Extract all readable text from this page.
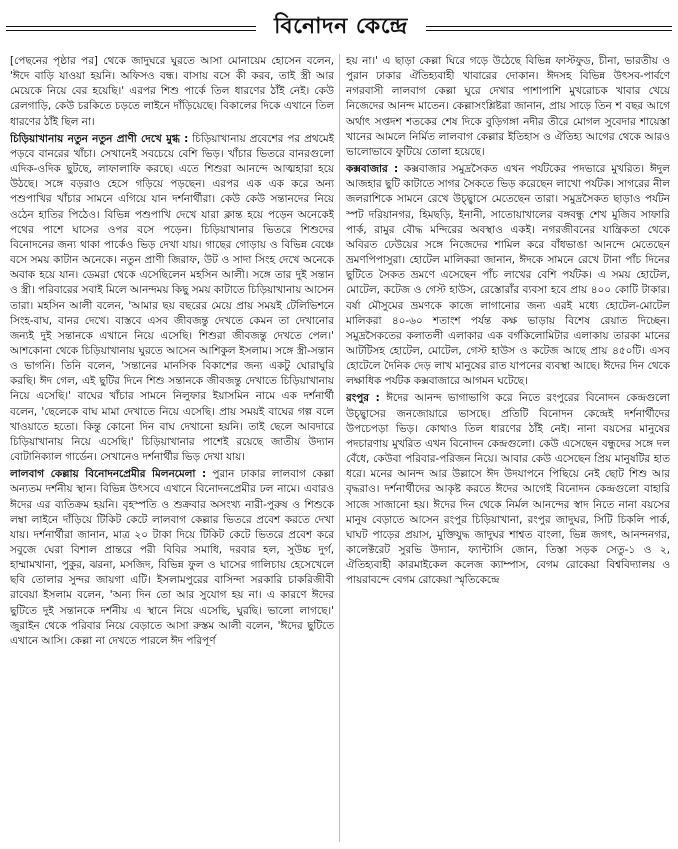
বিনোদন কেন্দ্রে

[পেছনের পৃষ্ঠার পর] থেকে জাদুঘরে ঘুরতে আসা মোনায়েম হোসেন বলেন, 'ঈদে বাড়ি যাওয়া হয়নি। অফিসও বন্ধ। বাসায় বসে কী করব, তাই স্ত্রী আর মেয়েকে নিয়ে বের হয়েছি।' এরপর শিশু পার্কে তিল ধারণের ঠাঁই নেই। কেউ রেলগাড়ি, কেউ চরকিতে চড়তে লাইনে দাঁড়িয়েছে। বিকালের দিকে এখানে তিল ধারণের ঠাঁই ছিল না।

চিড়িয়াখানায় নতুন নতুন প্রাণী দেখে মুগ্ধ : চিড়িয়াখানায় প্রবেশের পর প্রথমেই পড়বে বানরের খাঁচা। সেখানেই সবচেয়ে বেশি ভিড়। খাঁচার ভিতরে বানরগুলো এদিক-ওদিক ছুটছে, লাফালাফি করছে। এতে শিশুরা আনন্দে আত্মহারা হয়ে উঠছে। সঙ্গে বড়রাও হেসে গড়িয়ে পড়ছেন। এরপর এক এক করে অন্য পশুপাখির খাঁচার সামনে এগিয়ে যান দর্শনার্থীরা। কেউ কেউ সন্তানদের নিয়ে ওঠেন হাতির পিঠেও। বিভিন্ন পশুপাখি দেখে যারা ক্লান্ত হয়ে পড়েন অনেকেই পথের পাশে ঘাসের ওপর বসে পড়েন। চিড়িয়াখানার ভিতরে শিশুদের বিনোদনের জন্য থাকা পার্কেও ভিড় দেখা যায়। গাছের গোড়ায় ও বিভিন্ন বেঞ্চে বসে সময় কাটান অনেকে। নতুন প্রাণী জিরাফ, উট ও সাদা সিংহ দেখে অনেকে অবাক হয়ে যান। ডেমরা থেকে এসেছিলেন মহসিন আলী। সঙ্গে তার দুই সন্তান ও স্ত্রী। পরিবারের সবাই মিলে আনন্দময় কিছু সময় কাটাতে চিড়িয়াখানায় আসেন তারা। মহসিন আলী বলেন, 'আমার ছয় বছরের মেয়ে প্রায় সময়ই টেলিভিশনে সিংহ-বাঘ, বানর দেখে। বাস্তবে এসব জীবজন্তু দেখতে কেমন তা দেখানোর জন্যই দুই সন্তানকে এখানে নিয়ে এসেছি। শিশুরা জীবজন্তু দেখতে পেল।' আশকোনা থেকে চিড়িয়াখানায় ঘুরতে আসেন আশিকুল ইসলাম। সঙ্গে স্ত্রী-সন্তান ও ভাগনি। তিনি বলেন, 'সন্তানের মানসিক বিকাশের জন্য একটু ঘোরাঘুরি করছি। ঈদ গেল, এই ছুটির দিনে শিশু সন্তানকে জীবজন্তু দেখাতে চিড়িয়াখানায় নিয়ে এসেছি।' বাঘের খাঁচার সামনে নিলুফার ইয়াসমিন নামে এক দর্শনার্থী বলেন, 'ছেলেকে বাঘ মামা দেখাতে নিয়ে এসেছি। প্রায় সময়ই বাঘের গল্প বলে খাওয়াতে হতো। কিন্তু কোনো দিন বাঘ দেখানো হয়নি। তাই ছেলে আবদারে চিড়িয়াখানায় নিয়ে এসেছি।' চিড়িয়াখানার পাশেই রয়েছে জাতীয় উদ্যান বোটানিক্যাল গার্ডেন। সেখানেও দর্শনার্থীর ভিড় দেখা যায়।

লালবাগ কেল্লায় বিনোদনপ্রেমীর মিলনমেলা : পুরান ঢাকার লালবাগ কেল্লা অন্যতম দর্শনীয় স্থান। বিভিন্ন উৎসবে এখানে বিনোদনপ্রেমীর ঢল নামে। এবারও ঈদের এর ব্যতিক্রম হয়নি। বৃহস্পতি ও শুক্রবার অসংখ্য নারী-পুরুষ ও শিশুকে লম্বা লাইনে দাঁড়িয়ে টিকিট কেটে লালবাগ কেল্লার ভিতরে প্রবেশ করতে দেখা যায়। দর্শনার্থীরা জানান, মাত্র ২০ টাকা দিয়ে টিকিট কেটে ভিতরে প্রবেশ করে সবুজে ঘেরা বিশাল প্রান্তরে পরী বিবির সমাধি, দরবার হল, সুউচ্চ দুর্গ, হাম্মামখানা, পুকুর, ঝরনা, মসজিদ, বিভিন্ন ফুল ও ঘাসের গালিচায় হেসেখেলে ছবি তোলার সুন্দর জায়গা এটি। ইসলামপুরের বাসিন্দা সরকারি চাকরিজীবী রাবেয়া ইসলাম বলেন, 'অন্য দিন তো আর সুযোগ হয় না। এ কারণে ঈদের ছুটিতে দুই সন্তানকে দর্শনীয় এ স্থানে নিয়ে এসেছি, ঘুরছি। ভালো লাগছে।' জুরাইন থেকে পরিবার নিয়ে বেড়াতে আসা রুস্তম আলী বলেন, 'ঈদের ছুটিতে এখানে আসি। কেল্লা না দেখতে পারলে ঈদ পরিপূর্ণ

হয় না।' এ ছাড়া কেল্লা ঘিরে গড়ে উঠেছে বিভিন্ন ফাস্টফুড, চীনা, ভারতীয় ও পুরান ঢাকার ঐতিহ্যবাহী খাবারের দোকান। ঈদসহ বিভিন্ন উৎসব-পার্বণে নগরবাসী লালবাগ কেল্লা ঘুরে দেখার পাশাপাশি মুখরোচক খাবার খেয়ে নিজেদের আনন্দ মাতেন। কেল্লাসংশ্লিষ্টরা জানান, প্রায় সাড়ে তিন শ বছর আগে অর্থাৎ সপ্তদশ শতকের শেষ দিকে বুড়িগঙ্গা নদীর তীরে মোগল সুবেদার শায়েস্তা খানের আমলে নির্মিত লালবাগ কেল্লার ইতিহাস ও ঐতিহ্য আগের থেকে আরও ভালোভাবে ফুটিয়ে তোলা হয়েছে।

কক্সবাজার : কক্সবাজার সমুদ্রসৈকত এখন পর্যটকের পদভারে মুখরিত। ঈদুল আজহার ছুটি কাটাতে সাগর সৈকতে ভিড় করেছেন লাখো পর্যটক। সাগরের নীল জলরাশিকে সামনে রেখে উচ্ছ্বাসে মেতেছেন তারা। সমুদ্রসৈকত ছাড়াও পর্যটন স্পট দরিয়ানগর, হিমছড়ি, ইনানী, সাতোয়াখালের বঙ্গবন্ধু শেখ মুজিব সাফারি পার্ক, রামুর বৌদ্ধ মন্দিরের অবস্থাও একই। নগরজীবনের যান্ত্রিকতা থেকে অবিরত ঢেউয়ের সঙ্গে নিজেদের শামিল করে বাঁধভাঙা আনন্দে মেতেছেন ভ্রমণপিপাসুরা। হোটেল মালিকরা জানান, ঈদকে সামনে রেখে টানা পাঁচ দিনের ছুটিতে সৈকত ভ্রমণে এসেছেন পাঁচ লাখের বেশি পর্যটক। এ সময় হোটেল, মোটেল, কটেজ ও গেস্ট হাউস, রেস্তোরাঁর ব্যবসা হবে প্রায় ৪০০ কোটি টাকার। বর্ষা মৌসুমের ভ্রমণকে কাজে লাগানোর জন্য এরই মধ্যে হোটেল-মোটেল মালিকরা ৪০-৬০ শতাংশ পর্যন্ত কক্ষ ভাড়ায় বিশেষ রেয়াত দিচ্ছেন। সমুদ্রসৈকতের কলাতলী এলাকার এক বর্গকিলোমিটার এলাকায় তারকা মানের আটটিসহ হোটেল, মোটেল, গেস্ট হাউস ও কটেজ আছে প্রায় ৪৫০টি। এসব হোটেলে দৈনিক দেড় লাখ মানুষের রাত যাপনের ব্যবস্থা আছে। ঈদের দিন থেকে লক্ষাধিক পর্যটক কক্সবাজারে আগমন ঘটেছে।

রংপুর : ঈদের আনন্দ ভাগাভাগি করে নিতে রংপুরের বিনোদন কেন্দ্রগুলো উচ্ছ্বাসের জনজোয়ারে ভাসছে। প্রতিটি বিনোদন কেন্দ্রেই দর্শনার্থীদের উপচেপড়া ভিড়। কোথাও তিল ধারণের ঠাঁই নেই। নানা বয়সের মানুষের পদচারণায় মুখরিত এখন বিনোদন কেন্দ্রগুলো। কেউ এসেছেন বন্ধুদের সঙ্গে দল বেঁধে, কেউবা পরিবার-পরিজন নিয়ে। আবার কেউ এসেছেন প্রিয় মানুষটির হাত ধরে। মনের আনন্দ আর উল্লাসে ঈদ উদযাপনে পিছিয়ে নেই ছোট শিশু আর বৃদ্ধরাও। দর্শনার্থীদের আকৃষ্ট করতে ঈদের আগেই বিনোদন কেন্দ্রগুলো বাহারি সাজে সাজানো হয়। ঈদের দিন থেকে নির্মল আনন্দের স্বাদ নিতে নানা বয়সের মানুষ বেড়াতে আসেন রংপুর চিড়িয়াখানা, রংপুর জাদুঘর, সিটি চিকলি পার্ক, ঘাঘট পাড়ের প্রয়াস, মুক্তিযুদ্ধ জাদুঘর শাশ্বত বাংলা, ভিন্ন জগৎ, আনন্দনগর, কালেক্টরেট সুরভি উদ্যান, ফ্যান্টাসি জোন, তিস্তা সড়ক সেতু-১ ও ২, ঐতিহ্যবাহী কারমাইকেল কলেজ ক্যাম্পাস, বেগম রোকেয়া বিশ্ববিদ্যালয় ও পায়রাবন্দে বেগম রোকেয়া স্মৃতিকেন্দ্রে
